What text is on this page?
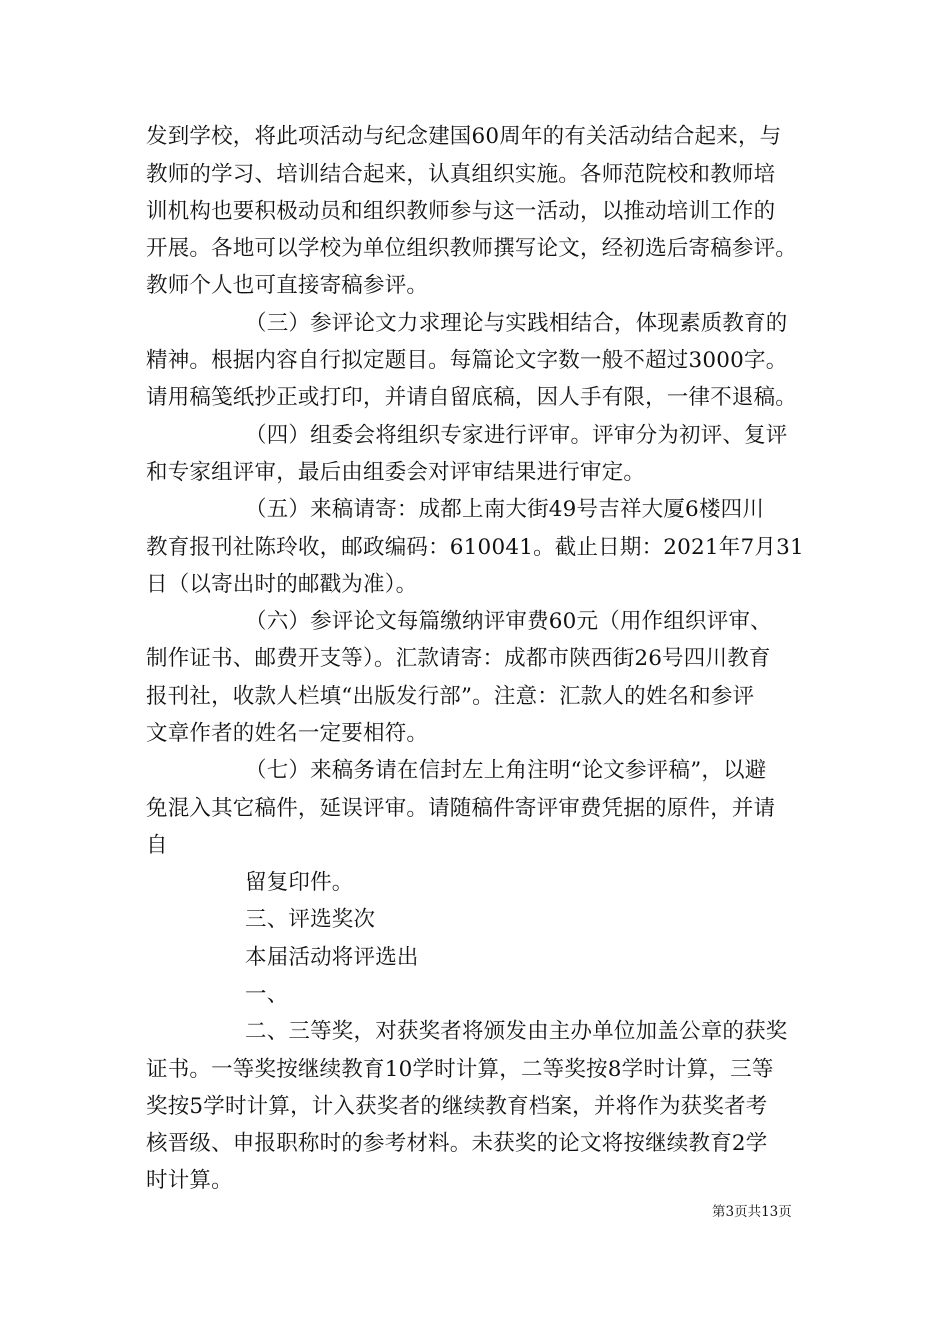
发到学校，将此项活动与纪念建国60周年的有关活动结合起来，与
教师的学习、培训结合起来，认真组织实施。各师范院校和教师培
训机构也要积极动员和组织教师参与这一活动，以推动培训工作的
开展。各地可以学校为单位组织教师撰写论文，经初选后寄稿参评。
教师个人也可直接寄稿参评。
（三）参评论文力求理论与实践相结合，体现素质教育的
精神。根据内容自行拟定题目。每篇论文字数一般不超过3000字。
请用稿笺纸抄正或打印，并请自留底稿，因人手有限，一律不退稿。
（四）组委会将组织专家进行评审。评审分为初评、复评
和专家组评审，最后由组委会对评审结果进行审定。
（五）来稿请寄：成都上南大街49号吉祥大厦6楼四川
教育报刊社陈玲收，邮政编码：610041。截止日期：2021年7月31
日（以寄出时的邮戳为准）。
（六）参评论文每篇缴纳评审费60元（用作组织评审、
制作证书、邮费开支等）。汇款请寄：成都市陕西街26号四川教育
报刊社，收款人栏填“出版发行部”。注意：汇款人的姓名和参评
文章作者的姓名一定要相符。
（七）来稿务请在信封左上角注明“论文参评稿”，以避
免混入其它稿件，延误评审。请随稿件寄评审费凭据的原件，并请
自
留复印件。
三、评选奖次
本届活动将评选出
一、
二、三等奖，对获奖者将颁发由主办单位加盖公章的获奖
证书。一等奖按继续教育10学时计算，二等奖按8学时计算，三等
奖按5学时计算，计入获奖者的继续教育档案，并将作为获奖者考
核晋级、申报职称时的参考材料。未获奖的论文将按继续教育2学
时计算。
第3页共13页
